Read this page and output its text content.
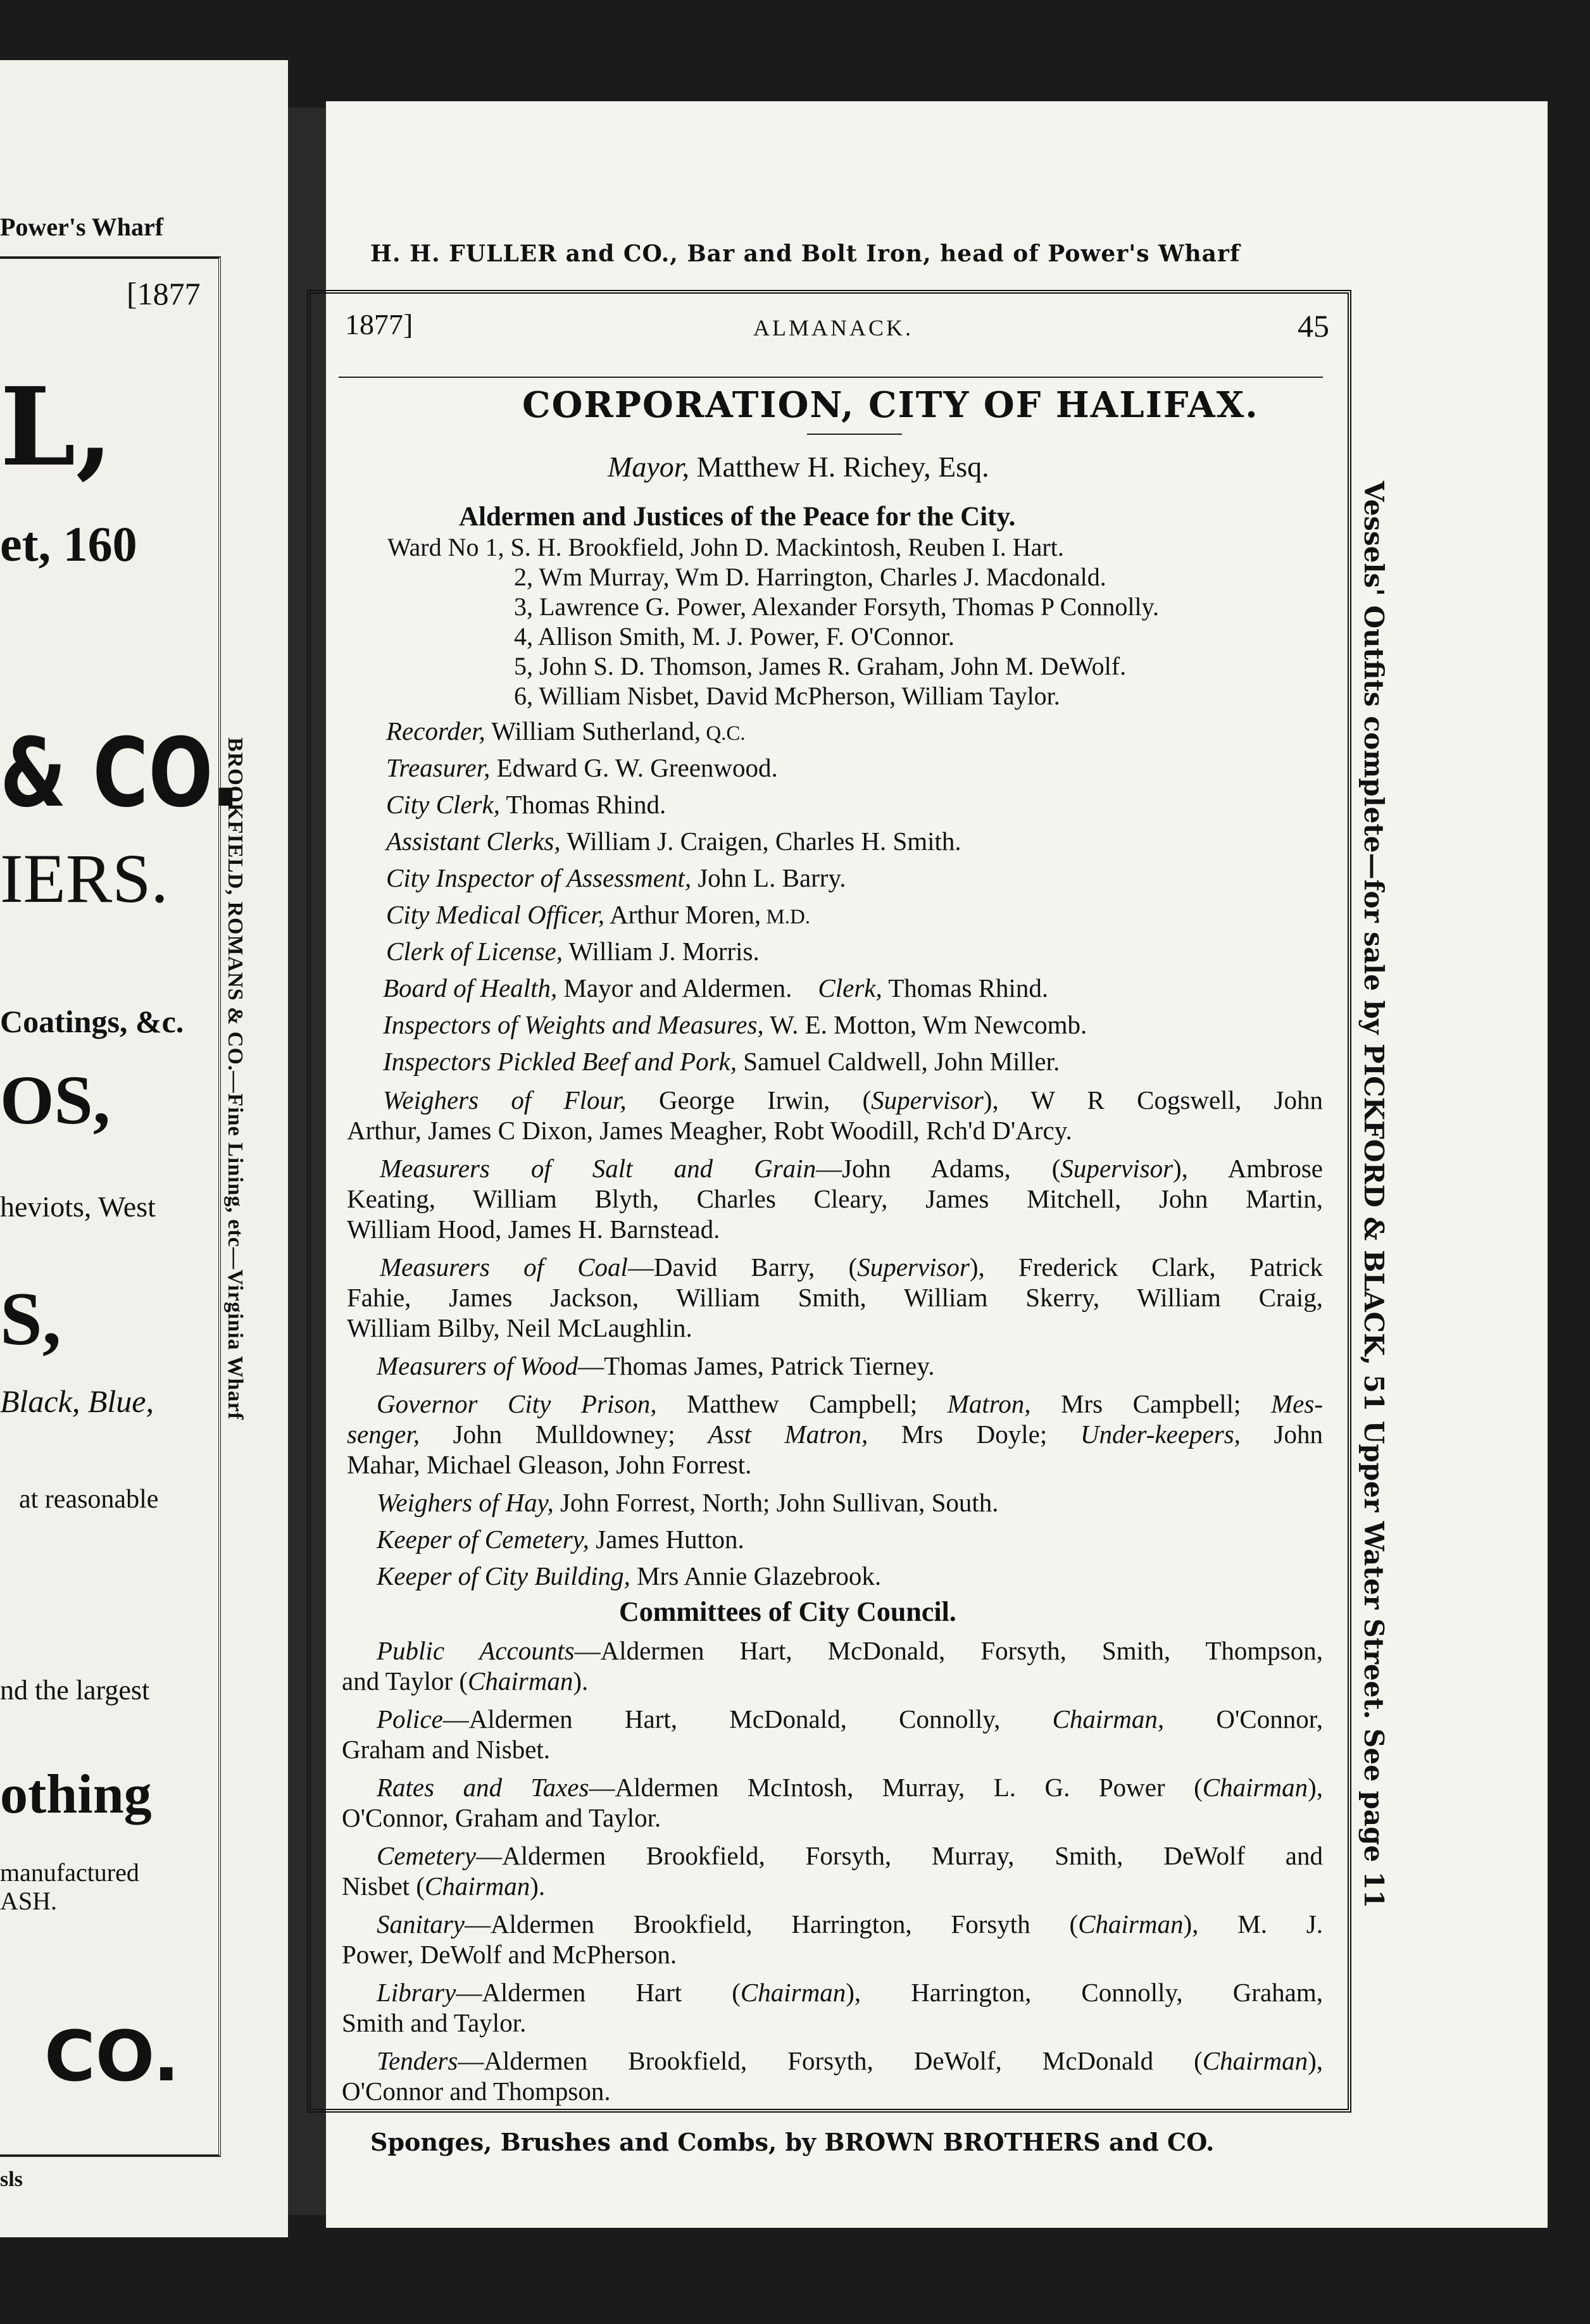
Power's Wharf
[1877
L,
et, 160
& CO.
IERS.
Coatings, &c.
OS,
heviots, West
S,
Black, Blue,
at reasonable
nd the largest
othing
manufactured
ASH.
CO.
sls
BROOKFIELD, ROMANS & CO.—Fine Lining, etc—Virginia Wharf
H. H. FULLER and CO., Bar and Bolt Iron, head of Power's Wharf
Sponges, Brushes and Combs, by BROWN BROTHERS and CO.
Vessels' Outfits complete—for sale by PICKFORD & BLACK, 51 Upper Water Street. See page 11
1877]	ALMANACK.	45
CORPORATION, CITY OF HALIFAX.
Mayor, Matthew H. Richey, Esq.
Aldermen and Justices of the Peace for the City.
Ward No 1, S. H. Brookfield, John D. Mackintosh, Reuben I. Hart.
2, Wm Murray, Wm D. Harrington, Charles J. Macdonald.
3, Lawrence G. Power, Alexander Forsyth, Thomas P Connolly.
4, Allison Smith, M. J. Power, F. O'Connor.
5, John S. D. Thomson, James R. Graham, John M. DeWolf.
6, William Nisbet, David McPherson, William Taylor.
Recorder, William Sutherland, Q.C.
Treasurer, Edward G. W. Greenwood.
City Clerk, Thomas Rhind.
Assistant Clerks, William J. Craigen, Charles H. Smith.
City Inspector of Assessment, John L. Barry.
City Medical Officer, Arthur Moren, M.D.
Clerk of License, William J. Morris.
Board of Health, Mayor and Aldermen. Clerk, Thomas Rhind.
Inspectors of Weights and Measures, W. E. Motton, Wm Newcomb.
Inspectors Pickled Beef and Pork, Samuel Caldwell, John Miller.
Weighers of Flour, George Irwin, (Supervisor), W R Cogswell, John
Arthur, James C Dixon, James Meagher, Robt Woodill, Rch'd D'Arcy.
Measurers of Salt and Grain—John Adams, (Supervisor), Ambrose
Keating, William Blyth, Charles Cleary, James Mitchell, John Martin,
William Hood, James H. Barnstead.
Measurers of Coal—David Barry, (Supervisor), Frederick Clark, Patrick
Fahie, James Jackson, William Smith, William Skerry, William Craig,
William Bilby, Neil McLaughlin.
Measurers of Wood—Thomas James, Patrick Tierney.
Governor City Prison, Matthew Campbell; Matron, Mrs Campbell; Mes-
senger, John Mulldowney; Asst Matron, Mrs Doyle; Under-keepers, John
Mahar, Michael Gleason, John Forrest.
Weighers of Hay, John Forrest, North; John Sullivan, South.
Keeper of Cemetery, James Hutton.
Keeper of City Building, Mrs Annie Glazebrook.
Committees of City Council.
Public Accounts—Aldermen Hart, McDonald, Forsyth, Smith, Thompson,
and Taylor (Chairman).
Police—Aldermen Hart, McDonald, Connolly, Chairman, O'Connor,
Graham and Nisbet.
Rates and Taxes—Aldermen McIntosh, Murray, L. G. Power (Chairman),
O'Connor, Graham and Taylor.
Cemetery—Aldermen Brookfield, Forsyth, Murray, Smith, DeWolf and
Nisbet (Chairman).
Sanitary—Aldermen Brookfield, Harrington, Forsyth (Chairman), M. J.
Power, DeWolf and McPherson.
Library—Aldermen Hart (Chairman), Harrington, Connolly, Graham,
Smith and Taylor.
Tenders—Aldermen Brookfield, Forsyth, DeWolf, McDonald (Chairman),
O'Connor and Thompson.
